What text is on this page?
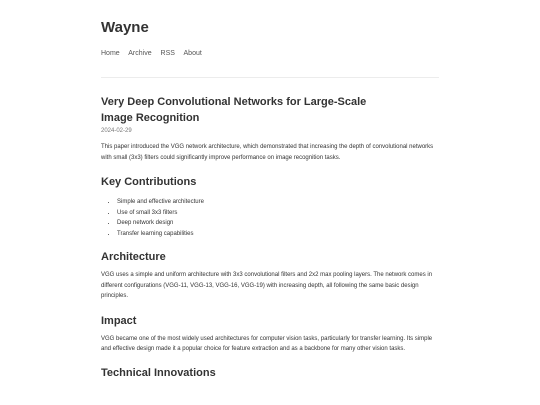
Wayne
Home Archive RSS About
Very Deep Convolutional Networks for Large-Scale Image Recognition
2024-02-29

This paper introduced the VGG network architecture, which demonstrated that increasing the depth of convolutional networks with small (3x3) filters could significantly improve performance on image recognition tasks.

Key Contributions
• Simple and effective architecture
• Use of small 3x3 filters
• Deep network design
• Transfer learning capabilities
Architecture

VGG uses a simple and uniform architecture with 3x3 convolutional filters and 2x2 max pooling layers. The network comes in different configurations (VGG-11, VGG-13, VGG-16, VGG-19) with increasing depth, all following the same basic design principles.

Impact

VGG became one of the most widely used architectures for computer vision tasks, particularly for transfer learning. Its simple and effective design made it a popular choice for feature extraction and as a backbone for many other vision tasks.

Technical Innovations
